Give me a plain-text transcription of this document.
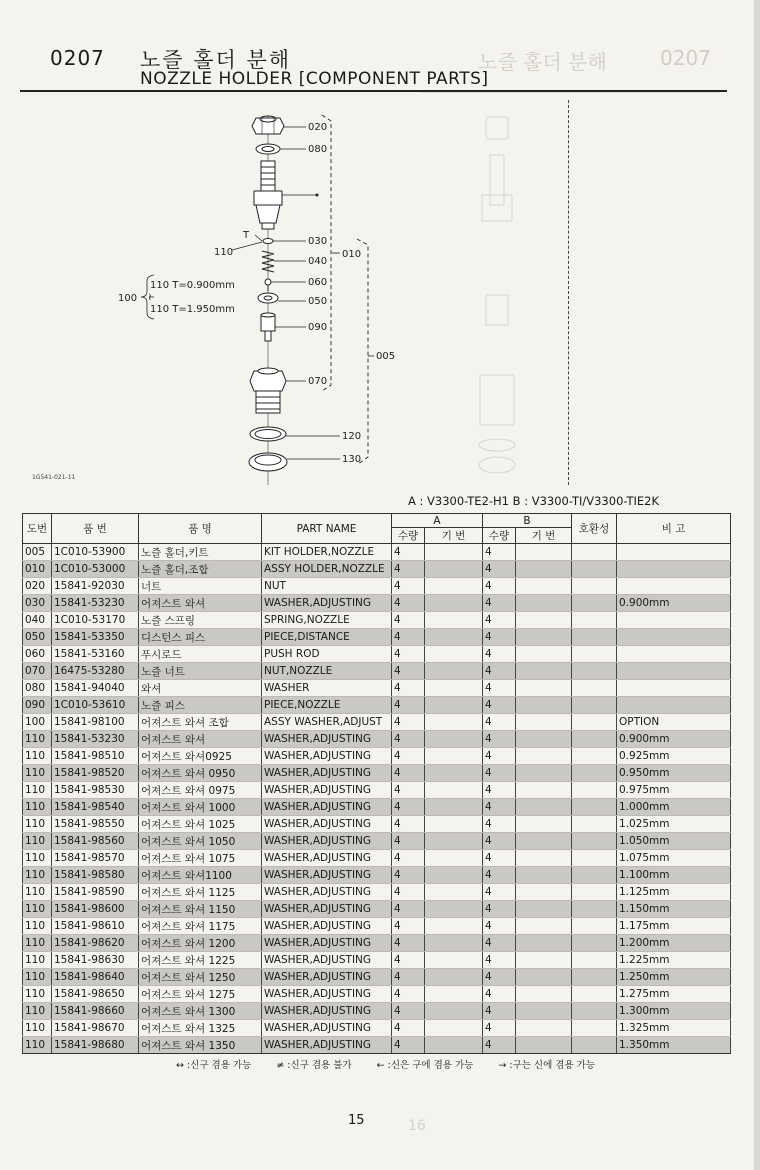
0207
노즐 홀더 분해
0207 노즐 홀더 분해
NOZZLE HOLDER [COMPONENT PARTS]
020
080
030
040
060
050
090
070
120
130
010
005
110
T
100
110 T=0.900mm
≀
110 T=1.950mm
1G541-021-11
A : V3300-TE2-H1 B : V3300-TI/V3300-TIE2K
도번	품 번	품 명	PART NAME	A		B		호환성	비 고
				수량	기 번	수량	기 번		
005	1C010-53900	노즐 홀더,키트	KIT HOLDER,NOZZLE	4		4			
010	1C010-53000	노즐 홀더,조합	ASSY HOLDER,NOZZLE	4		4			
020	15841-92030	너트	NUT	4		4			
030	15841-53230	어져스트 와셔	WASHER,ADJUSTING	4		4			0.900mm
040	1C010-53170	노즐 스프링	SPRING,NOZZLE	4		4			
050	15841-53350	디스턴스 피스	PIECE,DISTANCE	4		4			
060	15841-53160	푸시로드	PUSH ROD	4		4			
070	16475-53280	노즐 너트	NUT,NOZZLE	4		4			
080	15841-94040	와셔	WASHER	4		4			
090	1C010-53610	노즐 피스	PIECE,NOZZLE	4		4			
100	15841-98100	어져스트 와셔 조합	ASSY WASHER,ADJUST	4		4			OPTION
110	15841-53230	어져스트 와셔	WASHER,ADJUSTING	4		4			0.900mm
110	15841-98510	어져스트 와셔0925	WASHER,ADJUSTING	4		4			0.925mm
110	15841-98520	어져스트 와셔 0950	WASHER,ADJUSTING	4		4			0.950mm
110	15841-98530	어져스트 와셔 0975	WASHER,ADJUSTING	4		4			0.975mm
110	15841-98540	어져스트 와셔 1000	WASHER,ADJUSTING	4		4			1.000mm
110	15841-98550	어져스트 와셔 1025	WASHER,ADJUSTING	4		4			1.025mm
110	15841-98560	어져스트 와셔 1050	WASHER,ADJUSTING	4		4			1.050mm
110	15841-98570	어져스트 와셔 1075	WASHER,ADJUSTING	4		4			1.075mm
110	15841-98580	어져스트 와셔1100	WASHER,ADJUSTING	4		4			1.100mm
110	15841-98590	어져스트 와셔 1125	WASHER,ADJUSTING	4		4			1.125mm
110	15841-98600	어져스트 와셔 1150	WASHER,ADJUSTING	4		4			1.150mm
110	15841-98610	어져스트 와셔 1175	WASHER,ADJUSTING	4		4			1.175mm
110	15841-98620	어져스트 와셔 1200	WASHER,ADJUSTING	4		4			1.200mm
110	15841-98630	어져스트 와셔 1225	WASHER,ADJUSTING	4		4			1.225mm
110	15841-98640	어져스트 와셔 1250	WASHER,ADJUSTING	4		4			1.250mm
110	15841-98650	어져스트 와셔 1275	WASHER,ADJUSTING	4		4			1.275mm
110	15841-98660	어져스트 와셔 1300	WASHER,ADJUSTING	4		4			1.300mm
110	15841-98670	어져스트 와셔 1325	WASHER,ADJUSTING	4		4			1.325mm
110	15841-98680	어져스트 와셔 1350	WASHER,ADJUSTING	4		4			1.350mm
↔ :신구 겸용 가능	≠ :신구 겸용 불가	← :신은 구에 겸용 가능	→ :구는 신에 겸용 가능
15	16
